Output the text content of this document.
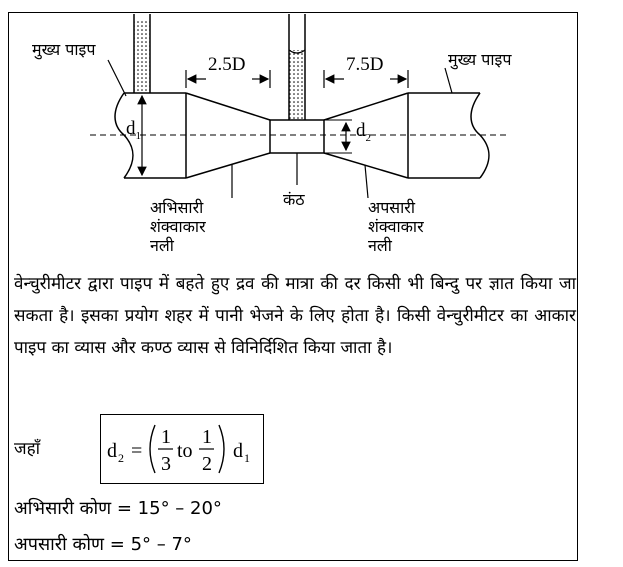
मुख्य पाइप
मुख्य पाइप
2.5D	7.5D
$d_1$	$d_2$
अभिसारी
शंक्वाकार
नली
कंठ	अपसारी
शंक्वाकार
नली
वेन्चुरीमीटर द्वारा पाइप में बहते हुए द्रव की मात्रा की दर किसी भी बिन्दु पर ज्ञात किया जा सकता है। इसका प्रयोग शहर में पानी भेजने के लिए होता है। किसी वेन्चुरीमीटर का आकार पाइप का व्यास और कण्ठ व्यास से विनिर्दिशित किया जाता है।
जहाँ	d 2 =
1
3
to
1
2
d 1
अभिसारी कोण = 15° – 20°
अपसारी कोण = 5° – 7°
